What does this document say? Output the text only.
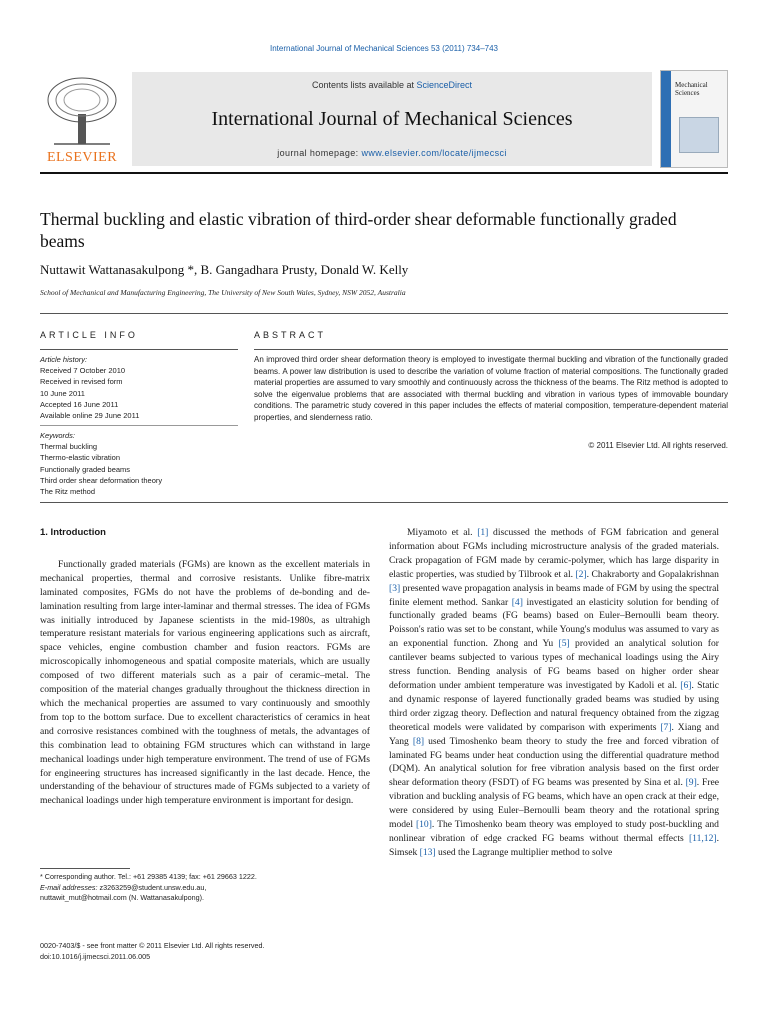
International Journal of Mechanical Sciences 53 (2011) 734–743
ELSEVIER
Contents lists available at ScienceDirect
International Journal of Mechanical Sciences
journal homepage: www.elsevier.com/locate/ijmecsci
Mechanical
Sciences
Thermal buckling and elastic vibration of third-order shear deformable functionally graded beams
Nuttawit Wattanasakulpong *, B. Gangadhara Prusty, Donald W. Kelly
School of Mechanical and Manufacturing Engineering, The University of New South Wales, Sydney, NSW 2052, Australia
ARTICLE INFO	ABSTRACT
Article history:
Received 7 October 2010
Received in revised form
10 June 2011
Accepted 16 June 2011
Available online 29 June 2011
Keywords:
Thermal buckling
Thermo-elastic vibration
Functionally graded beams
Third order shear deformation theory
The Ritz method
An improved third order shear deformation theory is employed to investigate thermal buckling and vibration of the functionally graded beams. A power law distribution is used to describe the variation of volume fraction of material compositions. The functionally graded material properties are assumed to vary smoothly and continuously across the thickness of the beams. The Ritz method is adopted to solve the eigenvalue problems that are associated with thermal buckling and vibration in various types of immovable boundary conditions. The parametric study covered in this paper includes the effects of material composition, temperature-dependent material properties, and slenderness ratio.
© 2011 Elsevier Ltd. All rights reserved.

1. Introduction

Functionally graded materials (FGMs) are known as the excellent materials in mechanical properties, thermal and corrosive resistants. Unlike fibre-matrix laminated composites, FGMs do not have the problems of de-bonding and de-lamination resulting from large inter-laminar and thermal stresses. The idea of FGMs was initially introduced by Japanese scientists in the mid-1980s, as ultrahigh temperature resistant materials for various engineering applications such as aircraft, space vehicles, engine combustion chamber and fusion reactors. FGMs are microscopically inhomogeneous and spatial composite materials, which are usually composed of two different materials such as a pair of ceramic–metal. The composition of the material changes gradually throughout the thickness direction in which the mechanical properties are assumed to vary continuously and smoothly from top to the bottom surface. Due to excellent characteristics of ceramics in heat and corrosive resistances combined with the toughness of metals, the advantages of this combination lead to obtaining FGM structures which can withstand in large mechanical loadings under high temperature environment. The trend of use of FGMs for engineering structures has increased significantly in the last decade. Hence, the understanding of the behaviour of structures made of FGMs subjected to a variety of mechanical loadings under high temperature environment is important for design.

Miyamoto et al. [1] discussed the methods of FGM fabrication and general information about FGMs including microstructure analysis of the graded materials. Crack propagation of FGM made by ceramic-polymer, which has large disparity in elastic properties, was studied by Tilbrook et al. [2]. Chakraborty and Gopalakrishnan [3] presented wave propagation analysis in beams made of FGM by using the spectral finite element method. Sankar [4] investigated an elasticity solution for bending of functionally graded beams (FG beams) based on Euler–Bernoulli beam theory. Poisson's ratio was set to be constant, while Young's modulus was assumed to vary as an exponential function. Zhong and Yu [5] provided an analytical solution for cantilever beams subjected to various types of mechanical loadings using the Airy stress function. Bending analysis of FG beams based on higher order shear deformation under ambient temperature was investigated by Kadoli et al. [6]. Static and dynamic response of layered functionally graded beams was studied by using third order zigzag theory. Deflection and natural frequency obtained from the zigzag theoretical models were validated by comparison with experiments [7]. Xiang and Yang [8] used Timoshenko beam theory to study the free and forced vibration of laminated FG beams under heat conduction using the differential quadrature method (DQM). An analytical solution for free vibration analysis based on the first order shear deformation theory (FSDT) of FG beams was presented by Sina et al. [9]. Free vibration and buckling analysis of FG beams, which have an open crack at their edge, were considered by using Euler–Bernoulli beam theory and the rotational spring model [10]. The Timoshenko beam theory was employed to study post-buckling and nonlinear vibration of edge cracked FG beams without thermal effects [11,12]. Simsek [13] used the Lagrange multiplier method to solve

* Corresponding author. Tel.: +61 29385 4139; fax: +61 29663 1222.
E-mail addresses: z3263259@student.unsw.edu.au,
nuttawit_mut@hotmail.com (N. Wattanasakulpong).
0020-7403/$ - see front matter © 2011 Elsevier Ltd. All rights reserved.
doi:10.1016/j.ijmecsci.2011.06.005
